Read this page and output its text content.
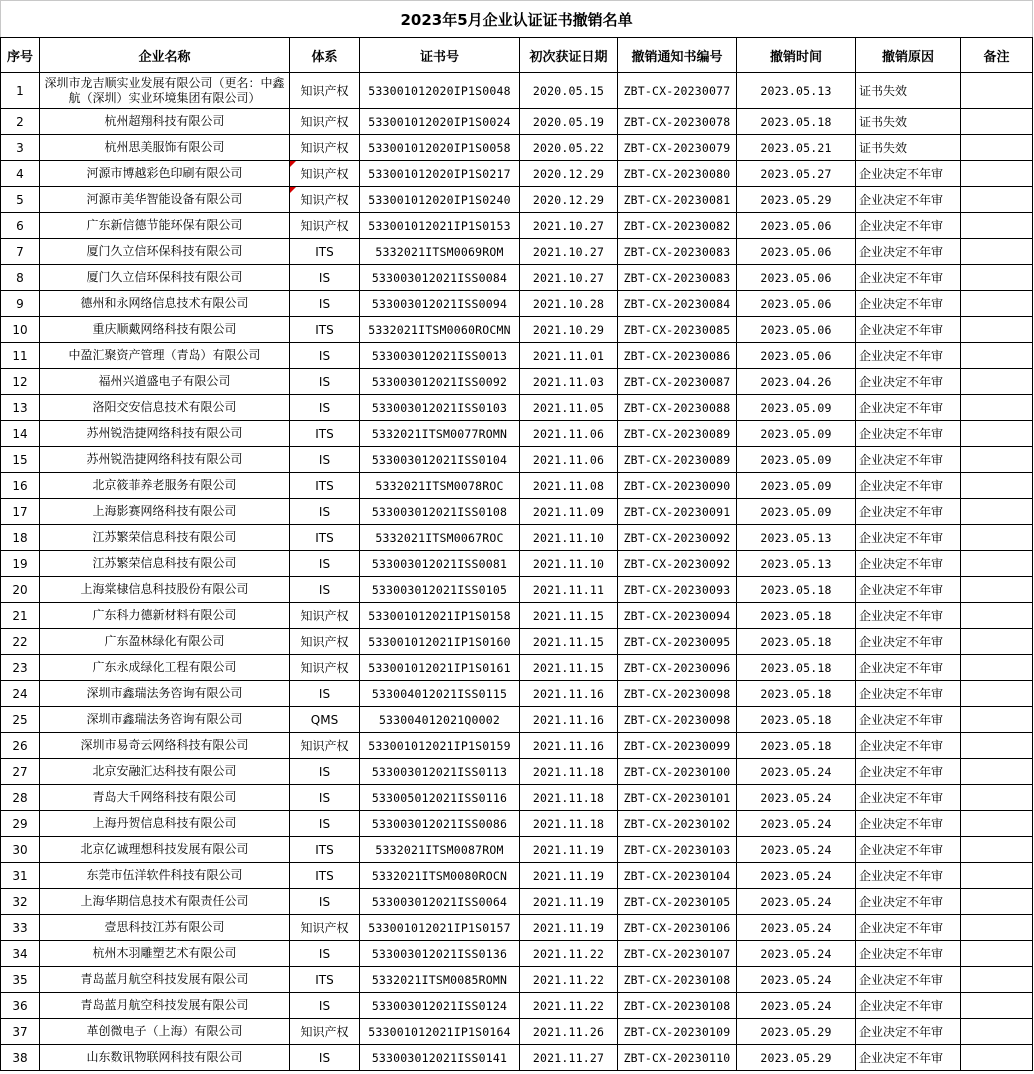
2023年5月企业认证证书撤销名单								
序号	企业名称	体系	证书号	初次获证日期	撤销通知书编号	撤销时间	撤销原因	备注
1	深圳市龙吉顺实业发展有限公司（更名：中鑫航（深圳）实业环境集团有限公司）	知识产权	533001012020IP1S0048	2020.05.15	ZBT-CX-20230077	2023.05.13	证书失效	
2	杭州超翔科技有限公司	知识产权	533001012020IP1S0024	2020.05.19	ZBT-CX-20230078	2023.05.18	证书失效	
3	杭州思美服饰有限公司	知识产权	533001012020IP1S0058	2020.05.22	ZBT-CX-20230079	2023.05.21	证书失效	
4	河源市博越彩色印刷有限公司	知识产权	533001012020IP1S0217	2020.12.29	ZBT-CX-20230080	2023.05.27	企业决定不年审	
5	河源市美华智能设备有限公司	知识产权	533001012020IP1S0240	2020.12.29	ZBT-CX-20230081	2023.05.29	企业决定不年审	
6	广东新信德节能环保有限公司	知识产权	533001012021IP1S0153	2021.10.27	ZBT-CX-20230082	2023.05.06	企业决定不年审	
7	厦门久立信环保科技有限公司	ITS	5332021ITSM0069ROM	2021.10.27	ZBT-CX-20230083	2023.05.06	企业决定不年审	
8	厦门久立信环保科技有限公司	IS	533003012021ISS0084	2021.10.27	ZBT-CX-20230083	2023.05.06	企业决定不年审	
9	德州和永网络信息技术有限公司	IS	533003012021ISS0094	2021.10.28	ZBT-CX-20230084	2023.05.06	企业决定不年审	
10	重庆顺戴网络科技有限公司	ITS	5332021ITSM0060ROCMN	2021.10.29	ZBT-CX-20230085	2023.05.06	企业决定不年审	
11	中盈汇聚资产管理（青岛）有限公司	IS	533003012021ISS0013	2021.11.01	ZBT-CX-20230086	2023.05.06	企业决定不年审	
12	福州兴道盛电子有限公司	IS	533003012021ISS0092	2021.11.03	ZBT-CX-20230087	2023.04.26	企业决定不年审	
13	洛阳交安信息技术有限公司	IS	533003012021ISS0103	2021.11.05	ZBT-CX-20230088	2023.05.09	企业决定不年审	
14	苏州锐浩捷网络科技有限公司	ITS	5332021ITSM0077ROMN	2021.11.06	ZBT-CX-20230089	2023.05.09	企业决定不年审	
15	苏州锐浩捷网络科技有限公司	IS	533003012021ISS0104	2021.11.06	ZBT-CX-20230089	2023.05.09	企业决定不年审	
16	北京筱菲养老服务有限公司	ITS	5332021ITSM0078ROC	2021.11.08	ZBT-CX-20230090	2023.05.09	企业决定不年审	
17	上海影赛网络科技有限公司	IS	533003012021ISS0108	2021.11.09	ZBT-CX-20230091	2023.05.09	企业决定不年审	
18	江苏繁荣信息科技有限公司	ITS	5332021ITSM0067ROC	2021.11.10	ZBT-CX-20230092	2023.05.13	企业决定不年审	
19	江苏繁荣信息科技有限公司	IS	533003012021ISS0081	2021.11.10	ZBT-CX-20230092	2023.05.13	企业决定不年审	
20	上海棠棣信息科技股份有限公司	IS	533003012021ISS0105	2021.11.11	ZBT-CX-20230093	2023.05.18	企业决定不年审	
21	广东科力德新材料有限公司	知识产权	533001012021IP1S0158	2021.11.15	ZBT-CX-20230094	2023.05.18	企业决定不年审	
22	广东盈林绿化有限公司	知识产权	533001012021IP1S0160	2021.11.15	ZBT-CX-20230095	2023.05.18	企业决定不年审	
23	广东永成绿化工程有限公司	知识产权	533001012021IP1S0161	2021.11.15	ZBT-CX-20230096	2023.05.18	企业决定不年审	
24	深圳市鑫瑞法务咨询有限公司	IS	533004012021ISS0115	2021.11.16	ZBT-CX-20230098	2023.05.18	企业决定不年审	
25	深圳市鑫瑞法务咨询有限公司	QMS	533004012021Q0002	2021.11.16	ZBT-CX-20230098	2023.05.18	企业决定不年审	
26	深圳市易奇云网络科技有限公司	知识产权	533001012021IP1S0159	2021.11.16	ZBT-CX-20230099	2023.05.18	企业决定不年审	
27	北京安融汇达科技有限公司	IS	533003012021ISS0113	2021.11.18	ZBT-CX-20230100	2023.05.24	企业决定不年审	
28	青岛大千网络科技有限公司	IS	533005012021ISS0116	2021.11.18	ZBT-CX-20230101	2023.05.24	企业决定不年审	
29	上海丹贺信息科技有限公司	IS	533003012021ISS0086	2021.11.18	ZBT-CX-20230102	2023.05.24	企业决定不年审	
30	北京亿诚理想科技发展有限公司	ITS	5332021ITSM0087ROM	2021.11.19	ZBT-CX-20230103	2023.05.24	企业决定不年审	
31	东莞市伍洋软件科技有限公司	ITS	5332021ITSM0080ROCN	2021.11.19	ZBT-CX-20230104	2023.05.24	企业决定不年审	
32	上海华期信息技术有限责任公司	IS	533003012021ISS0064	2021.11.19	ZBT-CX-20230105	2023.05.24	企业决定不年审	
33	壹思科技江苏有限公司	知识产权	533001012021IP1S0157	2021.11.19	ZBT-CX-20230106	2023.05.24	企业决定不年审	
34	杭州木羽雕塑艺术有限公司	IS	533003012021ISS0136	2021.11.22	ZBT-CX-20230107	2023.05.24	企业决定不年审	
35	青岛蓝月航空科技发展有限公司	ITS	5332021ITSM0085ROMN	2021.11.22	ZBT-CX-20230108	2023.05.24	企业决定不年审	
36	青岛蓝月航空科技发展有限公司	IS	533003012021ISS0124	2021.11.22	ZBT-CX-20230108	2023.05.24	企业决定不年审	
37	革创微电子（上海）有限公司	知识产权	533001012021IP1S0164	2021.11.26	ZBT-CX-20230109	2023.05.29	企业决定不年审	
38	山东数讯物联网科技有限公司	IS	533003012021ISS0141	2021.11.27	ZBT-CX-20230110	2023.05.29	企业决定不年审	
